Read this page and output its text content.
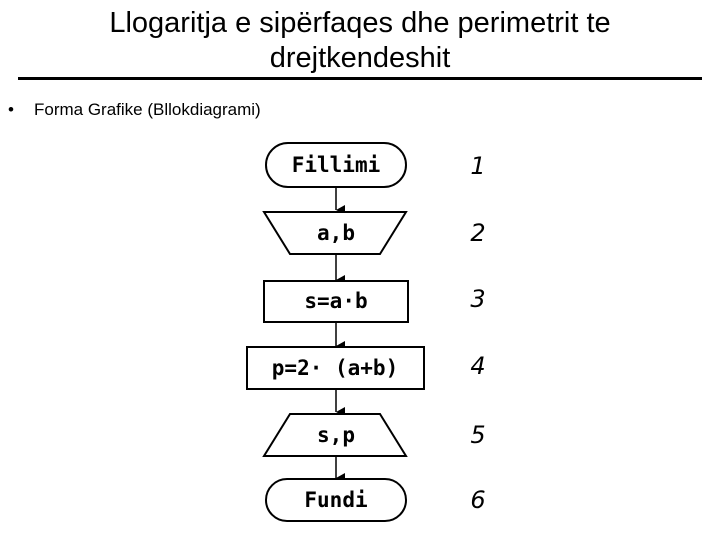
Llogaritja e sipërfaqes dhe perimetrit te
drejtkendeshit
• Forma Grafike (Bllokdiagrami)
Fillimi
a,b
s=a·b
p=2· (a+b)
s,p
Fundi
1
2
3
4
5
6
